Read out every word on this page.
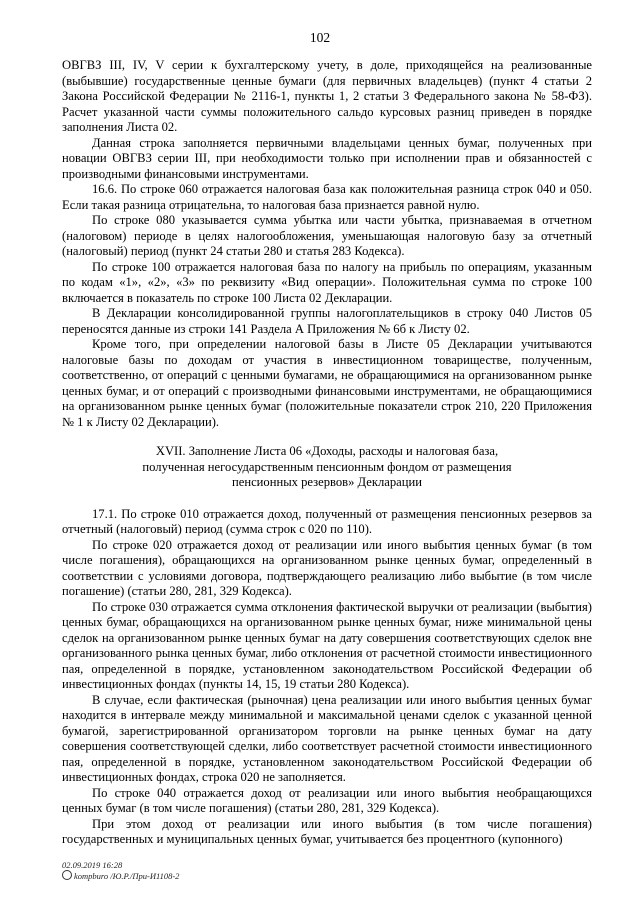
102

ОВГВЗ III, IV, V серии к бухгалтерскому учету, в доле, приходящейся на реализованные (выбывшие) государственные ценные бумаги (для первичных владельцев) (пункт 4 статьи 2 Закона Российской Федерации № 2116-1, пункты 1, 2 статьи 3 Федерального закона № 58-ФЗ). Расчет указанной части суммы положительного сальдо курсовых разниц приведен в порядке заполнения Листа 02.

Данная строка заполняется первичными владельцами ценных бумаг, полученных при новации ОВГВЗ серии III, при необходимости только при исполнении прав и обязанностей с производными финансовыми инструментами.

16.6. По строке 060 отражается налоговая база как положительная разница строк 040 и 050. Если такая разница отрицательна, то налоговая база признается равной нулю.

По строке 080 указывается сумма убытка или части убытка, признаваемая в отчетном (налоговом) периоде в целях налогообложения, уменьшающая налоговую базу за отчетный (налоговый) период (пункт 24 статьи 280 и статья 283 Кодекса).

По строке 100 отражается налоговая база по налогу на прибыль по операциям, указанным по кодам «1», «2», «3» по реквизиту «Вид операции». Положительная сумма по строке 100 включается в показатель по строке 100 Листа 02 Декларации.

В Декларации консолидированной группы налогоплательщиков в строку 040 Листов 05 переносятся данные из строки 141 Раздела А Приложения № 6б к Листу 02.

Кроме того, при определении налоговой базы в Листе 05 Декларации учитываются налоговые базы по доходам от участия в инвестиционном товариществе, полученным, соответственно, от операций с ценными бумагами, не обращающимися на организованном рынке ценных бумаг, и от операций с производными финансовыми инструментами, не обращающимися на организованном рынке ценных бумаг (положительные показатели строк 210, 220 Приложения № 1 к Листу 02 Декларации).

XVII. Заполнение Листа 06 «Доходы, расходы и налоговая база,
полученная негосударственным пенсионным фондом от размещения
пенсионных резервов» Декларации

17.1. По строке 010 отражается доход, полученный от размещения пенсионных резервов за отчетный (налоговый) период (сумма строк с 020 по 110).

По строке 020 отражается доход от реализации или иного выбытия ценных бумаг (в том числе погашения), обращающихся на организованном рынке ценных бумаг, определенный в соответствии с условиями договора, подтверждающего реализацию либо выбытие (в том числе погашение) (статьи 280, 281, 329 Кодекса).

По строке 030 отражается сумма отклонения фактической выручки от реализации (выбытия) ценных бумаг, обращающихся на организованном рынке ценных бумаг, ниже минимальной цены сделок на организованном рынке ценных бумаг на дату совершения соответствующих сделок вне организованного рынка ценных бумаг, либо отклонения от расчетной стоимости инвестиционного пая, определенной в порядке, установленном законодательством Российской Федерации об инвестиционных фондах (пункты 14, 15, 19 статьи 280 Кодекса).

В случае, если фактическая (рыночная) цена реализации или иного выбытия ценных бумаг находится в интервале между минимальной и максимальной ценами сделок с указанной ценной бумагой, зарегистрированной организатором торговли на рынке ценных бумаг на дату совершения соответствующей сделки, либо соответствует расчетной стоимости инвестиционного пая, определенной в порядке, установленном законодательством Российской Федерации об инвестиционных фондах, строка 020 не заполняется.

По строке 040 отражается доход от реализации или иного выбытия необращающихся ценных бумаг (в том числе погашения) (статьи 280, 281, 329 Кодекса).

При этом доход от реализации или иного выбытия (в том числе погашения) государственных и муниципальных ценных бумаг, учитывается без процентного (купонного)

02.09.2019 16:28
kompburo /Ю.Р./При-И1108-2
